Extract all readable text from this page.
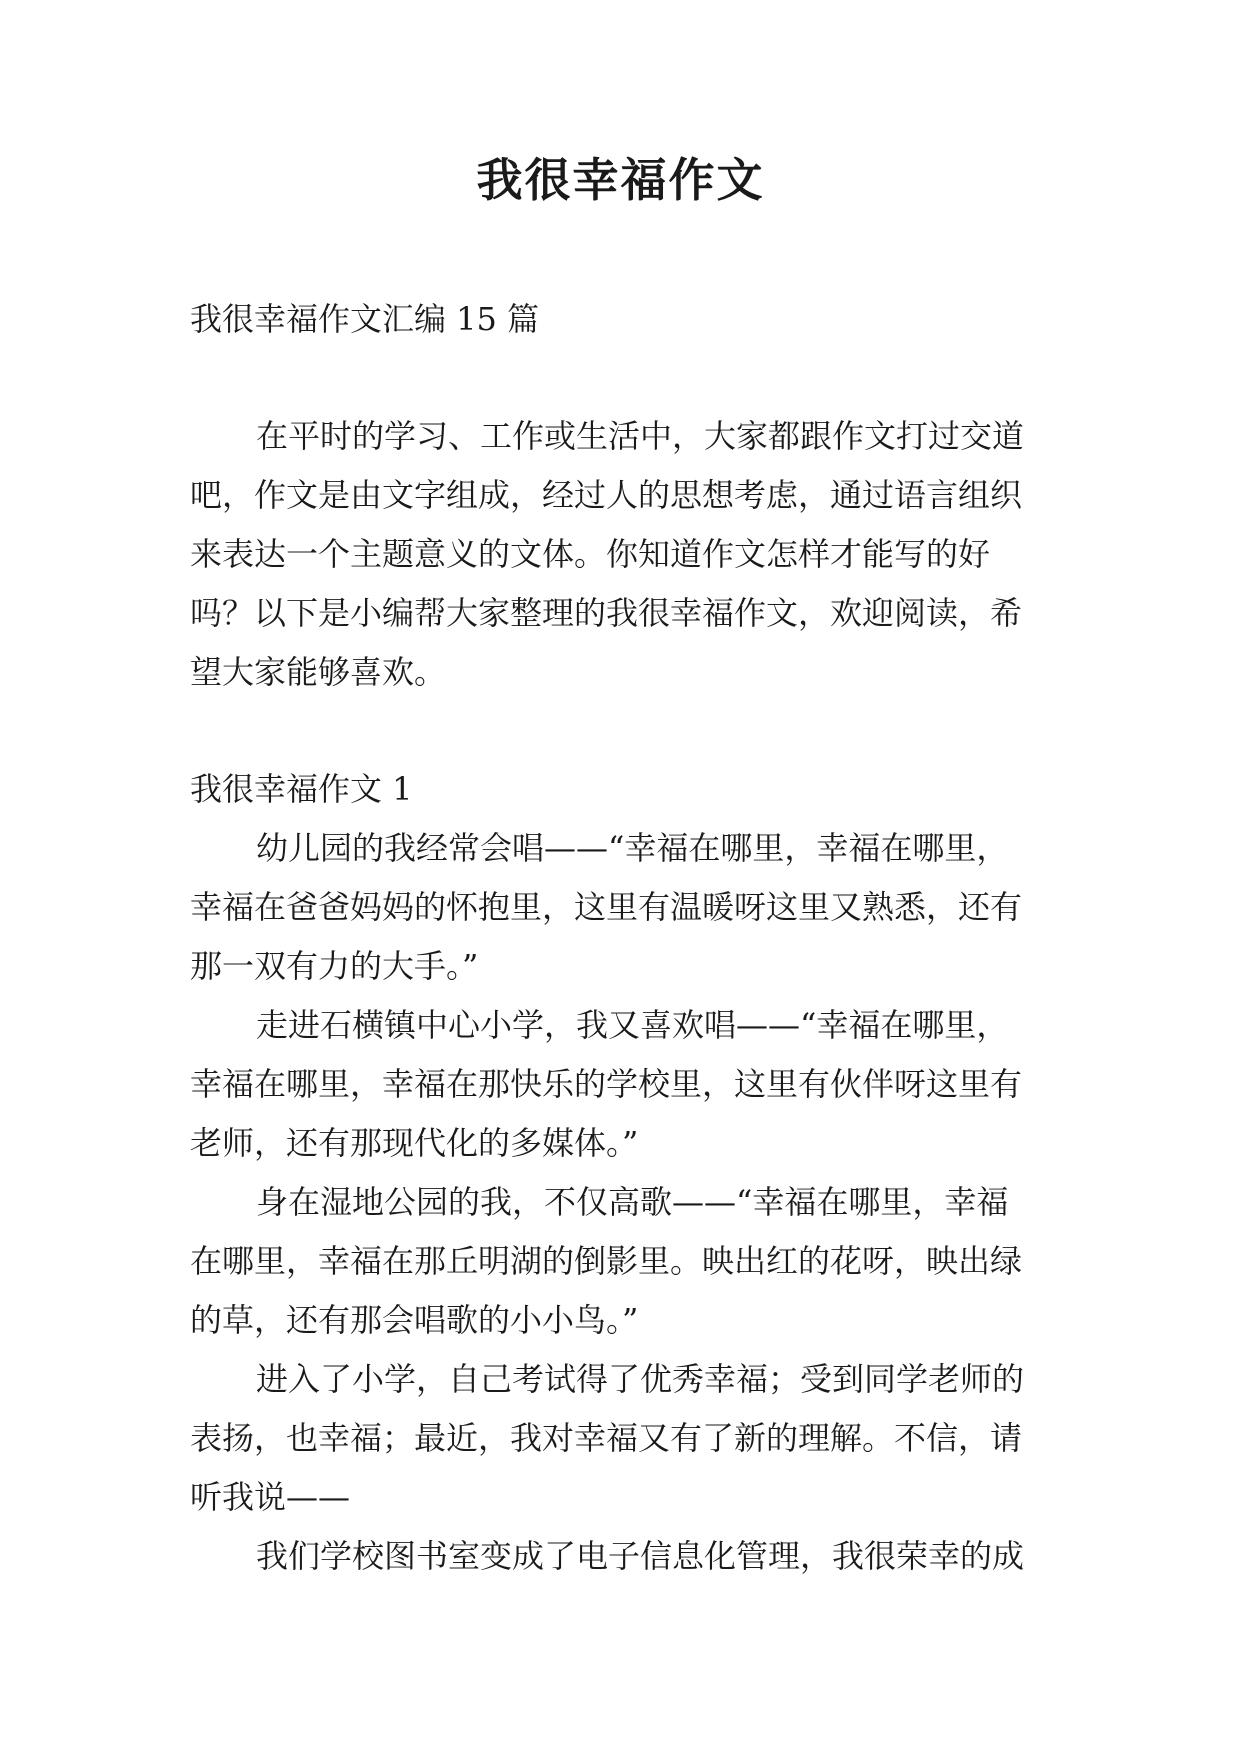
我很幸福作文
我很幸福作文汇编 15 篇
在平时的学习、工作或生活中，大家都跟作文打过交道
吧，作文是由文字组成，经过人的思想考虑，通过语言组织
来表达一个主题意义的文体。你知道作文怎样才能写的好
吗？以下是小编帮大家整理的我很幸福作文，欢迎阅读，希
望大家能够喜欢。
我很幸福作文 1
幼儿园的我经常会唱——“幸福在哪里，幸福在哪里，
幸福在爸爸妈妈的怀抱里，这里有温暖呀这里又熟悉，还有
那一双有力的大手。”
走进石横镇中心小学，我又喜欢唱——“幸福在哪里，
幸福在哪里，幸福在那快乐的学校里，这里有伙伴呀这里有
老师，还有那现代化的多媒体。”
身在湿地公园的我，不仅高歌——“幸福在哪里，幸福
在哪里，幸福在那丘明湖的倒影里。映出红的花呀，映出绿
的草，还有那会唱歌的小小鸟。”
进入了小学，自己考试得了优秀幸福；受到同学老师的
表扬，也幸福；最近，我对幸福又有了新的理解。不信，请
听我说——
我们学校图书室变成了电子信息化管理，我很荣幸的成
